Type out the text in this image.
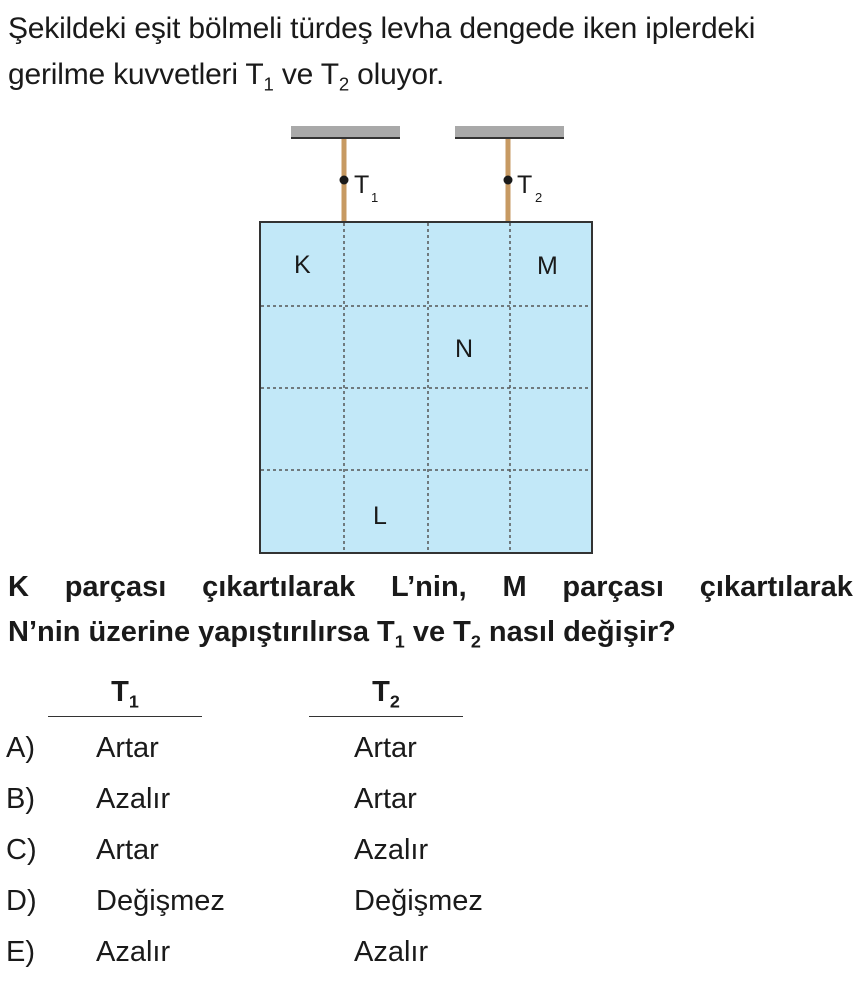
Şekildeki eşit bölmeli türdeş levha dengede iken iplerdeki
gerilme kuvvetleri $T_1$ ve $T_2$ oluyor.
T 1	T 2
K	M
N
L
K parçası çıkartılarak L’nin, M parçası çıkartılarak
N’nin üzerine yapıştırılırsa $T_1$ ve $T_2$ nasıl değişir?
$T_1$	$T_2$
A) Artar	Artar
B) Azalır	Artar
C) Artar	Azalır
D) Değişmez	Değişmez
E) Azalır	Azalır
